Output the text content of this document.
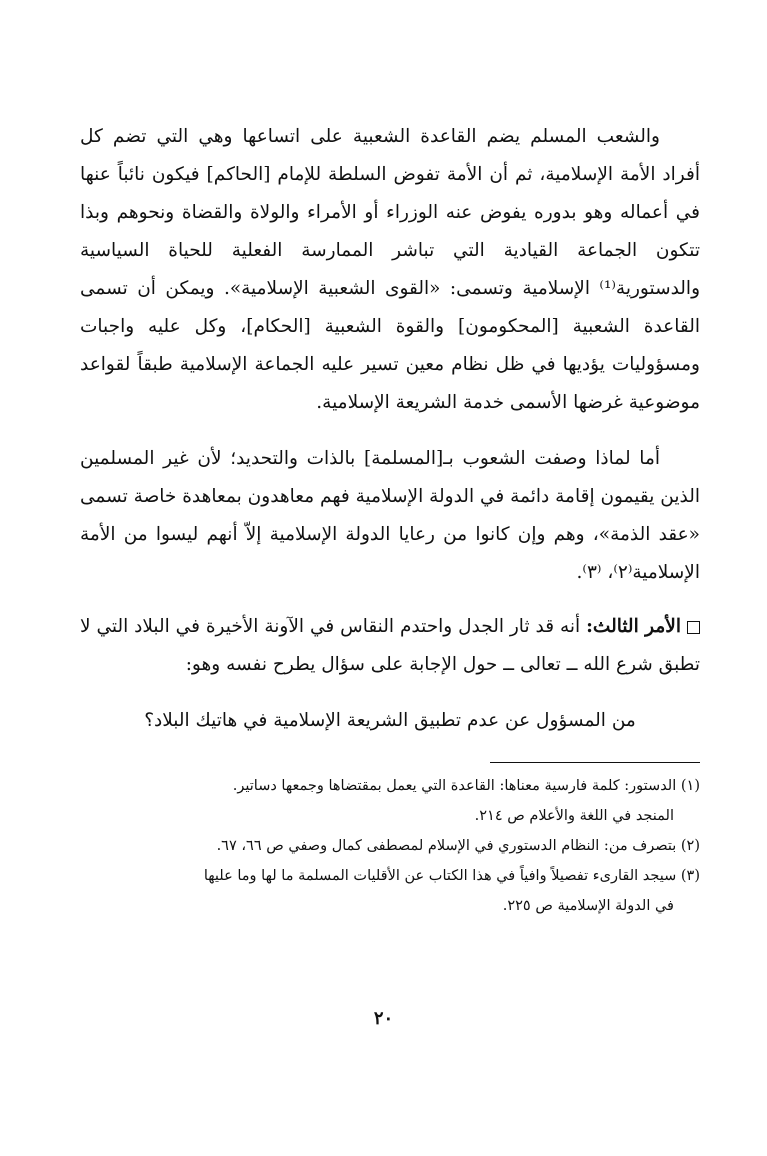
والشعب المسلم يضم القاعدة الشعبية على اتساعها وهي التي تضم كل أفراد الأمة الإسلامية، ثم أن الأمة تفوض السلطة للإمام [الحاكم] فيكون نائباً عنها في أعماله وهو بدوره يفوض عنه الوزراء أو الأمراء والولاة والقضاة ونحوهم وبذا تتكون الجماعة القيادية التي تباشر الممارسة الفعلية للحياة السياسية والدستورية⁽¹⁾ الإسلامية وتسمى: «القوى الشعبية الإسلامية». ويمكن أن تسمى القاعدة الشعبية [المحكومون] والقوة الشعبية [الحكام]، وكل عليه واجبات ومسؤوليات يؤديها في ظل نظام معين تسير عليه الجماعة الإسلامية طبقاً لقواعد موضوعية غرضها الأسمى خدمة الشريعة الإسلامية.

أما لماذا وصفت الشعوب بـ[المسلمة] بالذات والتحديد؛ لأن غير المسلمين الذين يقيمون إقامة دائمة في الدولة الإسلامية فهم معاهدون بمعاهدة خاصة تسمى «عقد الذمة»، وهم وإن كانوا من رعايا الدولة الإسلامية إلاّ أنهم ليسوا من الأمة الإسلامية⁽٢⁾، ⁽٣⁾.

الأمر الثالث: أنه قد ثار الجدل واحتدم النقاس في الآونة الأخيرة في البلاد التي لا تطبق شرع الله ــ تعالى ــ حول الإجابة على سؤال يطرح نفسه وهو:

من المسؤول عن عدم تطبيق الشريعة الإسلامية في هاتيك البلاد؟

(١) الدستور: كلمة فارسية معناها: القاعدة التي يعمل بمقتضاها وجمعها دساتير.

المنجد في اللغة والأعلام ص ٢١٤.

(٢) بتصرف من: النظام الدستوري في الإسلام لمصطفى كمال وصفي ص ٦٦، ٦٧.

(٣) سيجد القارىء تفصيلاً وافياً في هذا الكتاب عن الأقليات المسلمة ما لها وما عليها

في الدولة الإسلامية ص ٢٢٥.

٢٠
